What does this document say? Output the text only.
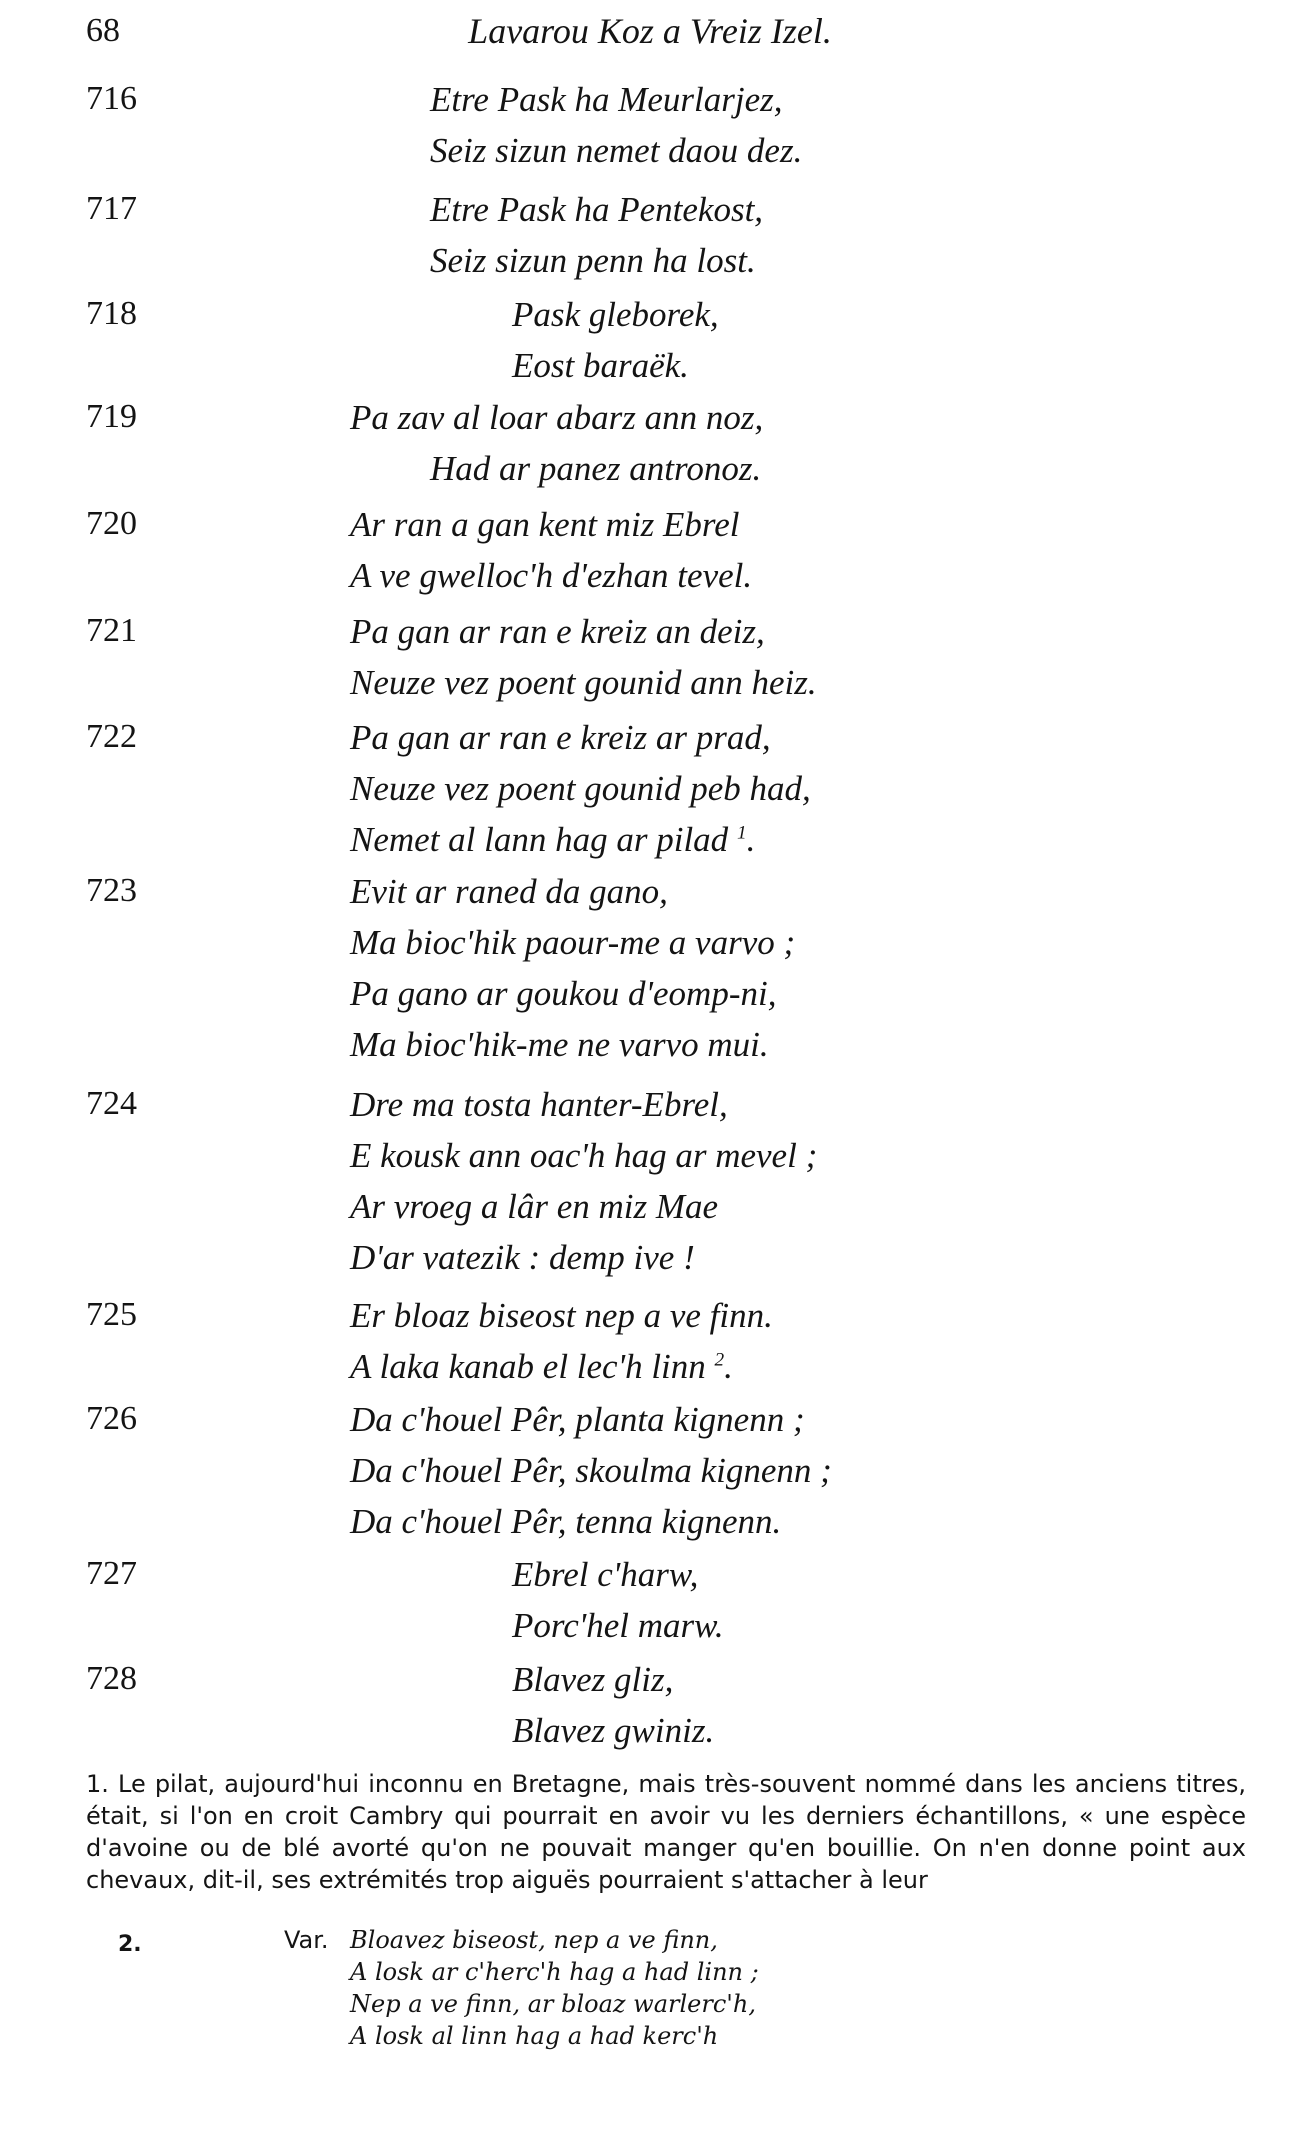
68	Lavarou Koz a Vreiz Izel.
716	Etre Pask ha Meurlarjez,
Seiz sizun nemet daou dez.
717	Etre Pask ha Pentekost,
Seiz sizun penn ha lost.
718	Pask gleborek,
Eost baraëk.
719	Pa zav al loar abarz ann noz,
Had ar panez antronoz.
720	Ar ran a gan kent miz Ebrel
A ve gwelloc'h d'ezhan tevel.
721	Pa gan ar ran e kreiz an deiz,
Neuze vez poent gounid ann heiz.
722	Pa gan ar ran e kreiz ar prad,
Neuze vez poent gounid peb had,
Nemet al lann hag ar pilad $^1$.
723	Evit ar raned da gano,
Ma bioc'hik paour-me a varvo ;
Pa gano ar goukou d'eomp-ni,
Ma bioc'hik-me ne varvo mui.
724	Dre ma tosta hanter-Ebrel,
E kousk ann oac'h hag ar mevel ;
Ar vroeg a lâr en miz Mae
D'ar vatezik : demp ive !
725	Er bloaz biseost nep a ve finn.
A laka kanab el lec'h linn $^2$.
726	Da c'houel Pêr, planta kignenn ;
Da c'houel Pêr, skoulma kignenn ;
Da c'houel Pêr, tenna kignenn.
727	Ebrel c'harw,
Porc'hel marw.
728	Blavez gliz,
Blavez gwiniz.
1. Le pilat, aujourd'hui inconnu en Bretagne, mais très-souvent nommé dans les anciens titres, était, si l'on en croit Cambry qui pourrait en avoir vu les derniers échantillons, « une espèce d'avoine ou de blé avorté qu'on ne pouvait manger qu'en bouillie. On n'en donne point aux chevaux, dit-il, ses extrémités trop aiguës pourraient s'attacher à leur
2.	Var. Bloavez biseost, nep a ve finn,
A losk ar c'herc'h hag a had linn ;
Nep a ve finn, ar bloaz warlerc'h,
A losk al linn hag a had kerc'h
